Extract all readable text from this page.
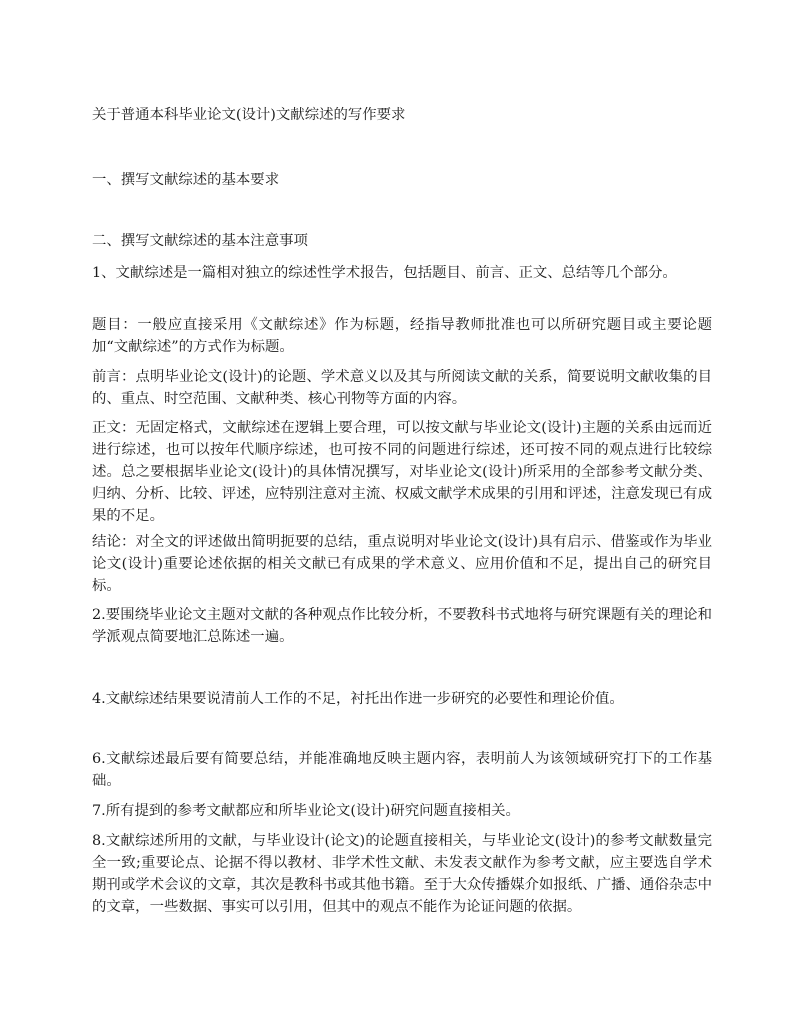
关于普通本科毕业论文(设计)文献综述的写作要求

一、撰写文献综述的基本要求

二、撰写文献综述的基本注意事项

1、文献综述是一篇相对独立的综述性学术报告，包括题目、前言、正文、总结等几个部分。

题目：一般应直接采用《文献综述》作为标题，经指导教师批准也可以所研究题目或主要论题加“文献综述”的方式作为标题。

前言：点明毕业论文(设计)的论题、学术意义以及其与所阅读文献的关系，简要说明文献收集的目的、重点、时空范围、文献种类、核心刊物等方面的内容。

正文：无固定格式，文献综述在逻辑上要合理，可以按文献与毕业论文(设计)主题的关系由远而近进行综述，也可以按年代顺序综述，也可按不同的问题进行综述，还可按不同的观点进行比较综述。总之要根据毕业论文(设计)的具体情况撰写，对毕业论文(设计)所采用的全部参考文献分类、归纳、分析、比较、评述，应特别注意对主流、权威文献学术成果的引用和评述，注意发现已有成果的不足。

结论：对全文的评述做出简明扼要的总结，重点说明对毕业论文(设计)具有启示、借鉴或作为毕业论文(设计)重要论述依据的相关文献已有成果的学术意义、应用价值和不足，提出自己的研究目标。

2.要围绕毕业论文主题对文献的各种观点作比较分析，不要教科书式地将与研究课题有关的理论和学派观点简要地汇总陈述一遍。

4.文献综述结果要说清前人工作的不足，衬托出作进一步研究的必要性和理论价值。

6.文献综述最后要有简要总结，并能准确地反映主题内容，表明前人为该领域研究打下的工作基础。

7.所有提到的参考文献都应和所毕业论文(设计)研究问题直接相关。

8.文献综述所用的文献，与毕业设计(论文)的论题直接相关，与毕业论文(设计)的参考文献数量完全一致;重要论点、论据不得以教材、非学术性文献、未发表文献作为参考文献，应主要选自学术期刊或学术会议的文章，其次是教科书或其他书籍。至于大众传播媒介如报纸、广播、通俗杂志中的文章，一些数据、事实可以引用，但其中的观点不能作为论证问题的依据。
